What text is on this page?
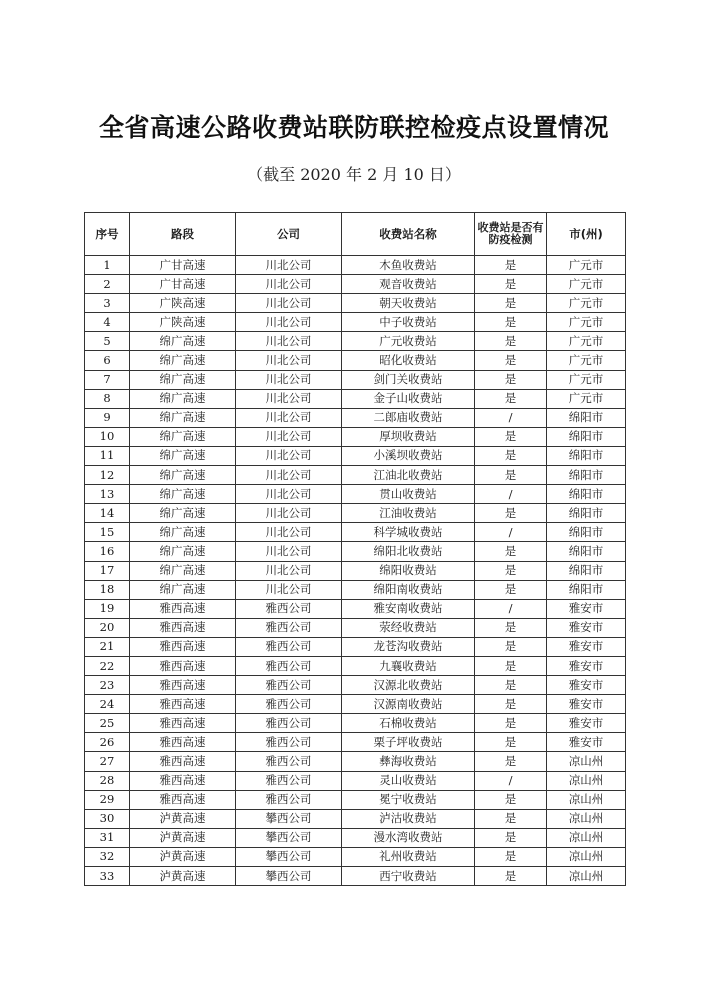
全省高速公路收费站联防联控检疫点设置情况
（截至 2020 年 2 月 10 日）
序号	路段	公司	收费站名称	收费站是否有防疫检测	市(州)
1	广甘高速	川北公司	木鱼收费站	是	广元市
2	广甘高速	川北公司	观音收费站	是	广元市
3	广陕高速	川北公司	朝天收费站	是	广元市
4	广陕高速	川北公司	中子收费站	是	广元市
5	绵广高速	川北公司	广元收费站	是	广元市
6	绵广高速	川北公司	昭化收费站	是	广元市
7	绵广高速	川北公司	剑门关收费站	是	广元市
8	绵广高速	川北公司	金子山收费站	是	广元市
9	绵广高速	川北公司	二郎庙收费站	/	绵阳市
10	绵广高速	川北公司	厚坝收费站	是	绵阳市
11	绵广高速	川北公司	小溪坝收费站	是	绵阳市
12	绵广高速	川北公司	江油北收费站	是	绵阳市
13	绵广高速	川北公司	贯山收费站	/	绵阳市
14	绵广高速	川北公司	江油收费站	是	绵阳市
15	绵广高速	川北公司	科学城收费站	/	绵阳市
16	绵广高速	川北公司	绵阳北收费站	是	绵阳市
17	绵广高速	川北公司	绵阳收费站	是	绵阳市
18	绵广高速	川北公司	绵阳南收费站	是	绵阳市
19	雅西高速	雅西公司	雅安南收费站	/	雅安市
20	雅西高速	雅西公司	荥经收费站	是	雅安市
21	雅西高速	雅西公司	龙苍沟收费站	是	雅安市
22	雅西高速	雅西公司	九襄收费站	是	雅安市
23	雅西高速	雅西公司	汉源北收费站	是	雅安市
24	雅西高速	雅西公司	汉源南收费站	是	雅安市
25	雅西高速	雅西公司	石棉收费站	是	雅安市
26	雅西高速	雅西公司	栗子坪收费站	是	雅安市
27	雅西高速	雅西公司	彝海收费站	是	凉山州
28	雅西高速	雅西公司	灵山收费站	/	凉山州
29	雅西高速	雅西公司	冕宁收费站	是	凉山州
30	泸黄高速	攀西公司	泸沽收费站	是	凉山州
31	泸黄高速	攀西公司	漫水湾收费站	是	凉山州
32	泸黄高速	攀西公司	礼州收费站	是	凉山州
33	泸黄高速	攀西公司	西宁收费站	是	凉山州
